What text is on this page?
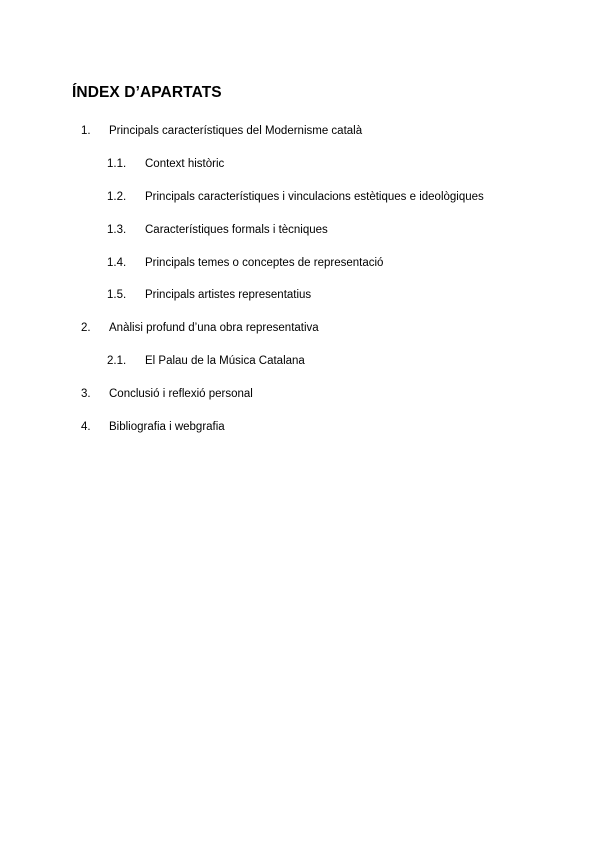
ÍNDEX D’APARTATS
1. Principals característiques del Modernisme català
1.1. Context històric
1.2. Principals característiques i vinculacions estètiques e ideològiques
1.3. Característiques formals i tècniques
1.4. Principals temes o conceptes de representació
1.5. Principals artistes representatius
2. Anàlisi profund d’una obra representativa
2.1. El Palau de la Música Catalana
3. Conclusió i reflexió personal
4. Bibliografia i webgrafia
